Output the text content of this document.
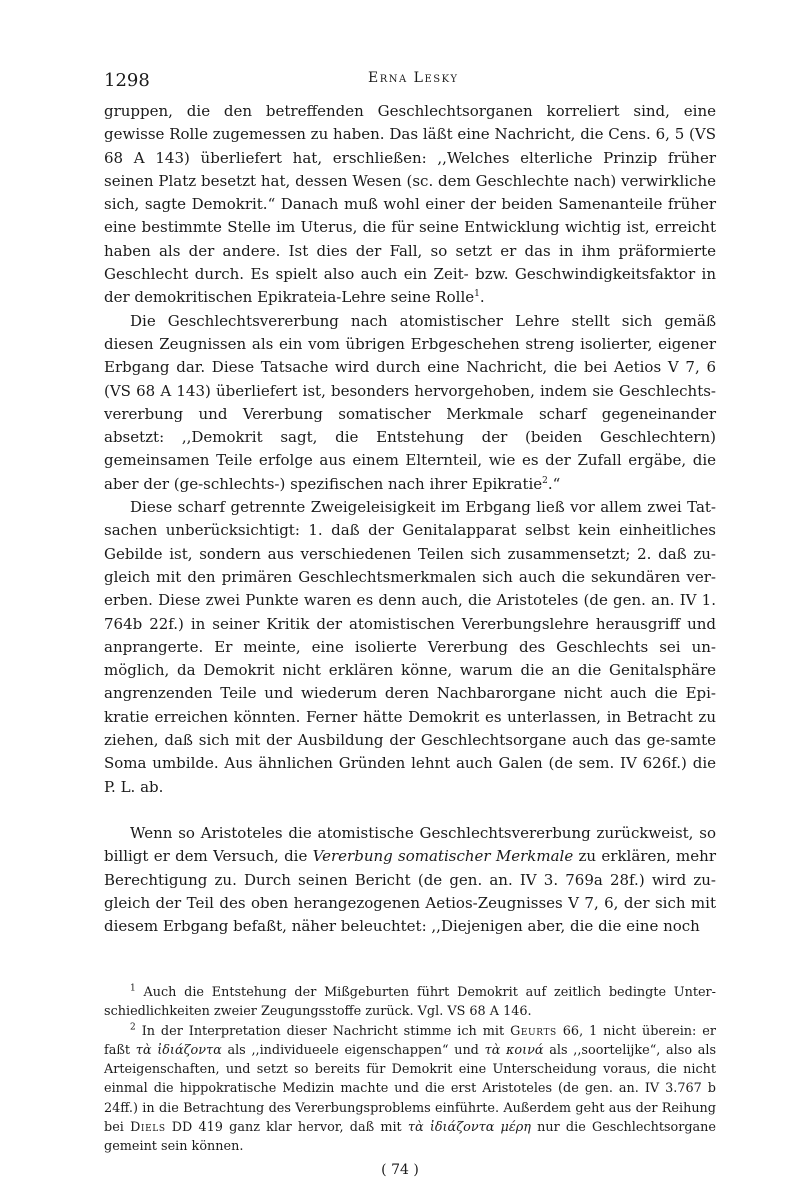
1298	Erna Lesky

gruppen, die den betreffenden Geschlechtsorganen korreliert sind, eine gewisse Rolle zugemessen zu haben. Das läßt eine Nachricht, die Cens. 6, 5 (VS 68 A 143) überliefert hat, erschließen: ,,Welches elterliche Prinzip früher seinen Platz besetzt hat, dessen Wesen (sc. dem Geschlechte nach) verwirkliche sich, sagte Demokrit.“ Danach muß wohl einer der beiden Samenanteile früher eine bestimmte Stelle im Uterus, die für seine Entwicklung wichtig ist, erreicht haben als der andere. Ist dies der Fall, so setzt er das in ihm präformierte Geschlecht durch. Es spielt also auch ein Zeit- bzw. Geschwindigkeitsfaktor in der demokritischen Epikrateia-Lehre seine Rolle$^1$.

Die Geschlechtsvererbung nach atomistischer Lehre stellt sich gemäß diesen Zeugnissen als ein vom übrigen Erbgeschehen streng isolierter, eigener Erbgang dar. Diese Tatsache wird durch eine Nachricht, die bei Aetios V 7, 6 (VS 68 A 143) überliefert ist, besonders hervorgehoben, indem sie Geschlechts-vererbung und Vererbung somatischer Merkmale scharf gegeneinander absetzt: ,,Demokrit sagt, die Entstehung der (beiden Geschlechtern) gemeinsamen Teile erfolge aus einem Elternteil, wie es der Zufall ergäbe, die aber der (ge-schlechts-) spezifischen nach ihrer Epikratie$^2$.“

Diese scharf getrennte Zweigeleisigkeit im Erbgang ließ vor allem zwei Tat-sachen unberücksichtigt: 1. daß der Genitalapparat selbst kein einheitliches Gebilde ist, sondern aus verschiedenen Teilen sich zusammensetzt; 2. daß zu-gleich mit den primären Geschlechtsmerkmalen sich auch die sekundären ver-erben. Diese zwei Punkte waren es denn auch, die Aristoteles (de gen. an. IV 1. 764b 22f.) in seiner Kritik der atomistischen Vererbungslehre herausgriff und anprangerte. Er meinte, eine isolierte Vererbung des Geschlechts sei un-möglich, da Demokrit nicht erklären könne, warum die an die Genitalsphäre angrenzenden Teile und wiederum deren Nachbarorgane nicht auch die Epi-kratie erreichen könnten. Ferner hätte Demokrit es unterlassen, in Betracht zu ziehen, daß sich mit der Ausbildung der Geschlechtsorgane auch das ge-samte Soma umbilde. Aus ähnlichen Gründen lehnt auch Galen (de sem. IV 626f.) die P. L. ab.

Wenn so Aristoteles die atomistische Geschlechtsvererbung zurückweist, so billigt er dem Versuch, die Vererbung somatischer Merkmale zu erklären, mehr Berechtigung zu. Durch seinen Bericht (de gen. an. IV 3. 769a 28f.) wird zu-gleich der Teil des oben herangezogenen Aetios-Zeugnisses V 7, 6, der sich mit diesem Erbgang befaßt, näher beleuchtet: ,,Diejenigen aber, die die eine noch

$^1$ Auch die Entstehung der Mißgeburten führt Demokrit auf zeitlich bedingte Unter-schiedlichkeiten zweier Zeugungsstoffe zurück. Vgl. VS 68 A 146.

$^2$ In der Interpretation dieser Nachricht stimme ich mit Geurts 66, 1 nicht überein: er faßt τὰ ἰδιάζοντα als ,,individueele eigenschappen“ und τὰ κοινά als ,,soortelijke“, also als Arteigenschaften, und setzt so bereits für Demokrit eine Unterscheidung voraus, die nicht einmal die hippokratische Medizin machte und die erst Aristoteles (de gen. an. IV 3.767 b 24ff.) in die Betrachtung des Vererbungsproblems einführte. Außerdem geht aus der Reihung bei Diels DD 419 ganz klar hervor, daß mit τὰ ἰδιάζοντα μέρη nur die Geschlechtsorgane gemeint sein können.

( 74 )
